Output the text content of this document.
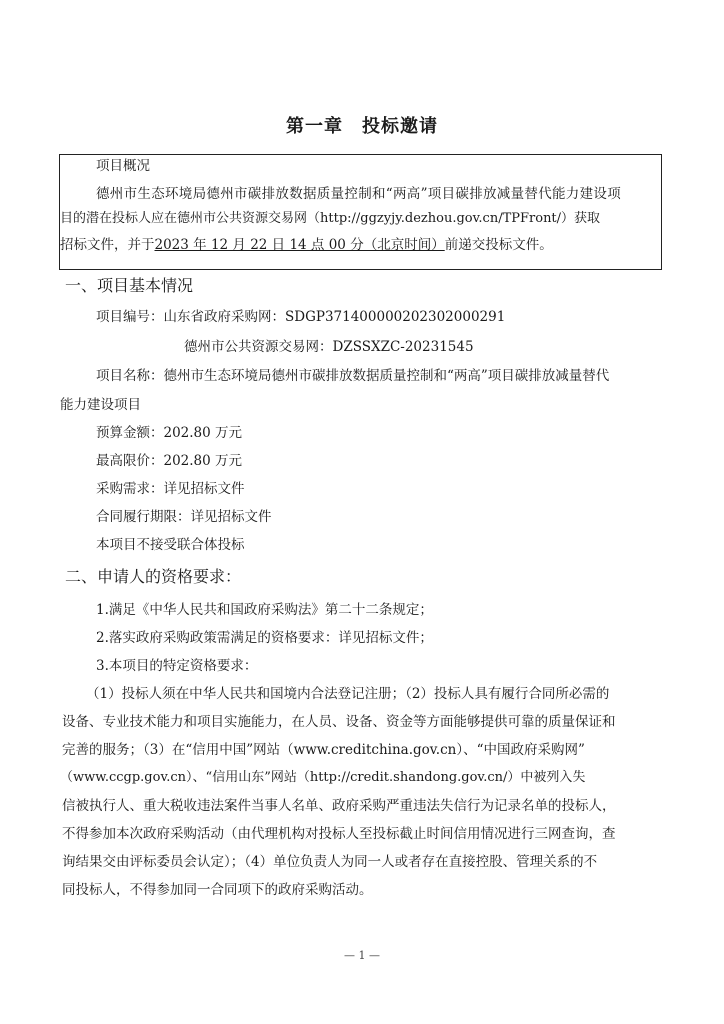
第一章　投标邀请
项目概况
德州市生态环境局德州市碳排放数据质量控制和“两高”项目碳排放减量替代能力建设项
目的潜在投标人应在德州市公共资源交易网（http://ggzyjy.dezhou.gov.cn/TPFront/）获取
招标文件，并于2023 年 12 月 22 日 14 点 00 分（北京时间）前递交投标文件。
一、项目基本情况
项目编号：山东省政府采购网：SDGP371400000202302000291
德州市公共资源交易网：DZSSXZC-20231545
项目名称：德州市生态环境局德州市碳排放数据质量控制和“两高”项目碳排放减量替代
能力建设项目
预算金额：202.80 万元
最高限价：202.80 万元
采购需求：详见招标文件
合同履行期限：详见招标文件
本项目不接受联合体投标
二、申请人的资格要求：
1.满足《中华人民共和国政府采购法》第二十二条规定；
2.落实政府采购政策需满足的资格要求：详见招标文件；
3.本项目的特定资格要求：
（1）投标人须在中华人民共和国境内合法登记注册；（2）投标人具有履行合同所必需的
设备、专业技术能力和项目实施能力，在人员、设备、资金等方面能够提供可靠的质量保证和
完善的服务；（3）在“信用中国”网站（www.creditchina.gov.cn）、“中国政府采购网”
（www.ccgp.gov.cn）、“信用山东”网站（http://credit.shandong.gov.cn/）中被列入失
信被执行人、重大税收违法案件当事人名单、政府采购严重违法失信行为记录名单的投标人，
不得参加本次政府采购活动（由代理机构对投标人至投标截止时间信用情况进行三网查询，查
询结果交由评标委员会认定）；（4）单位负责人为同一人或者存在直接控股、管理关系的不
同投标人，不得参加同一合同项下的政府采购活动。
— 1 —
